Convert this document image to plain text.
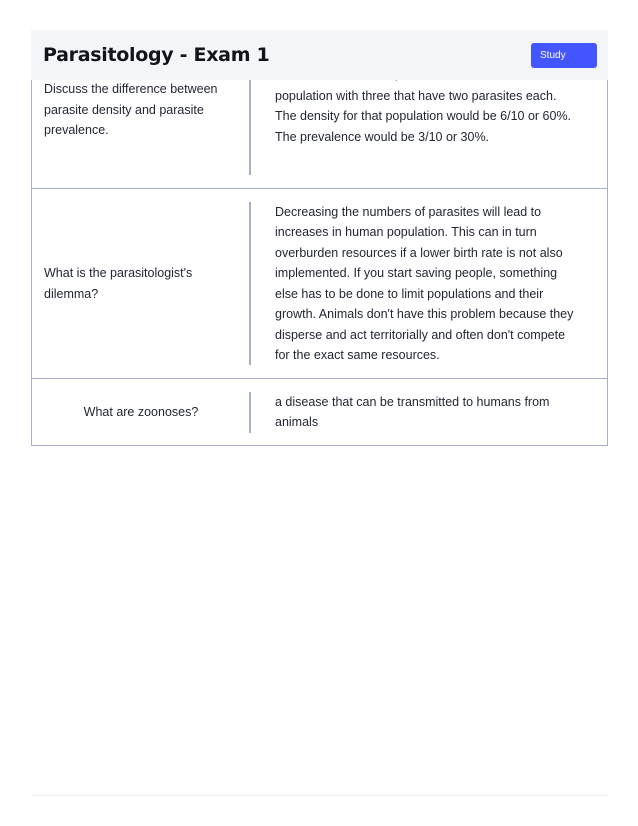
Parasitology - Exam 1	Study
Discuss the difference between parasite density and parasite prevalence.
population with three that have two parasites each. The density for that population would be 6/10 or 60%. The prevalence would be 3/10 or 30%.
What is the parasitologist's dilemma?
Decreasing the numbers of parasites will lead to increases in human population. This can in turn overburden resources if a lower birth rate is not also implemented. If you start saving people, something else has to be done to limit populations and their growth. Animals don't have this problem because they disperse and act territorially and often don't compete for the exact same resources.
What are zoonoses?
a disease that can be transmitted to humans from animals
